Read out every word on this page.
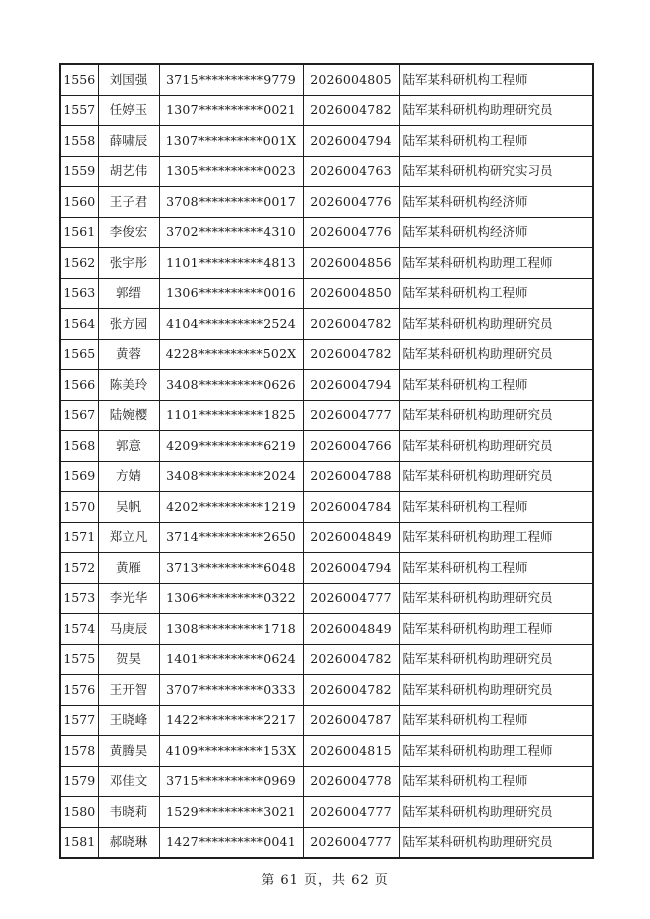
1556	刘国强	3715**********9779	2026004805	陆军某科研机构工程师
1557	任婷玉	1307**********0021	2026004782	陆军某科研机构助理研究员
1558	薛啸辰	1307**********001X	2026004794	陆军某科研机构工程师
1559	胡艺伟	1305**********0023	2026004763	陆军某科研机构研究实习员
1560	王子君	3708**********0017	2026004776	陆军某科研机构经济师
1561	李俊宏	3702**********4310	2026004776	陆军某科研机构经济师
1562	张宇彤	1101**********4813	2026004856	陆军某科研机构助理工程师
1563	郭缙	1306**********0016	2026004850	陆军某科研机构工程师
1564	张方园	4104**********2524	2026004782	陆军某科研机构助理研究员
1565	黄蓉	4228**********502X	2026004782	陆军某科研机构助理研究员
1566	陈美玲	3408**********0626	2026004794	陆军某科研机构工程师
1567	陆婉樱	1101**********1825	2026004777	陆军某科研机构助理研究员
1568	郭意	4209**********6219	2026004766	陆军某科研机构助理研究员
1569	方婧	3408**********2024	2026004788	陆军某科研机构助理研究员
1570	吴帆	4202**********1219	2026004784	陆军某科研机构工程师
1571	郑立凡	3714**********2650	2026004849	陆军某科研机构助理工程师
1572	黄雁	3713**********6048	2026004794	陆军某科研机构工程师
1573	李光华	1306**********0322	2026004777	陆军某科研机构助理研究员
1574	马庚辰	1308**********1718	2026004849	陆军某科研机构助理工程师
1575	贺昊	1401**********0624	2026004782	陆军某科研机构助理研究员
1576	王开智	3707**********0333	2026004782	陆军某科研机构助理研究员
1577	王晓峰	1422**********2217	2026004787	陆军某科研机构工程师
1578	黄腾昊	4109**********153X	2026004815	陆军某科研机构助理工程师
1579	邓佳文	3715**********0969	2026004778	陆军某科研机构工程师
1580	韦晓莉	1529**********3021	2026004777	陆军某科研机构助理研究员
1581	郝晓琳	1427**********0041	2026004777	陆军某科研机构助理研究员
第 61 页，共 62 页
